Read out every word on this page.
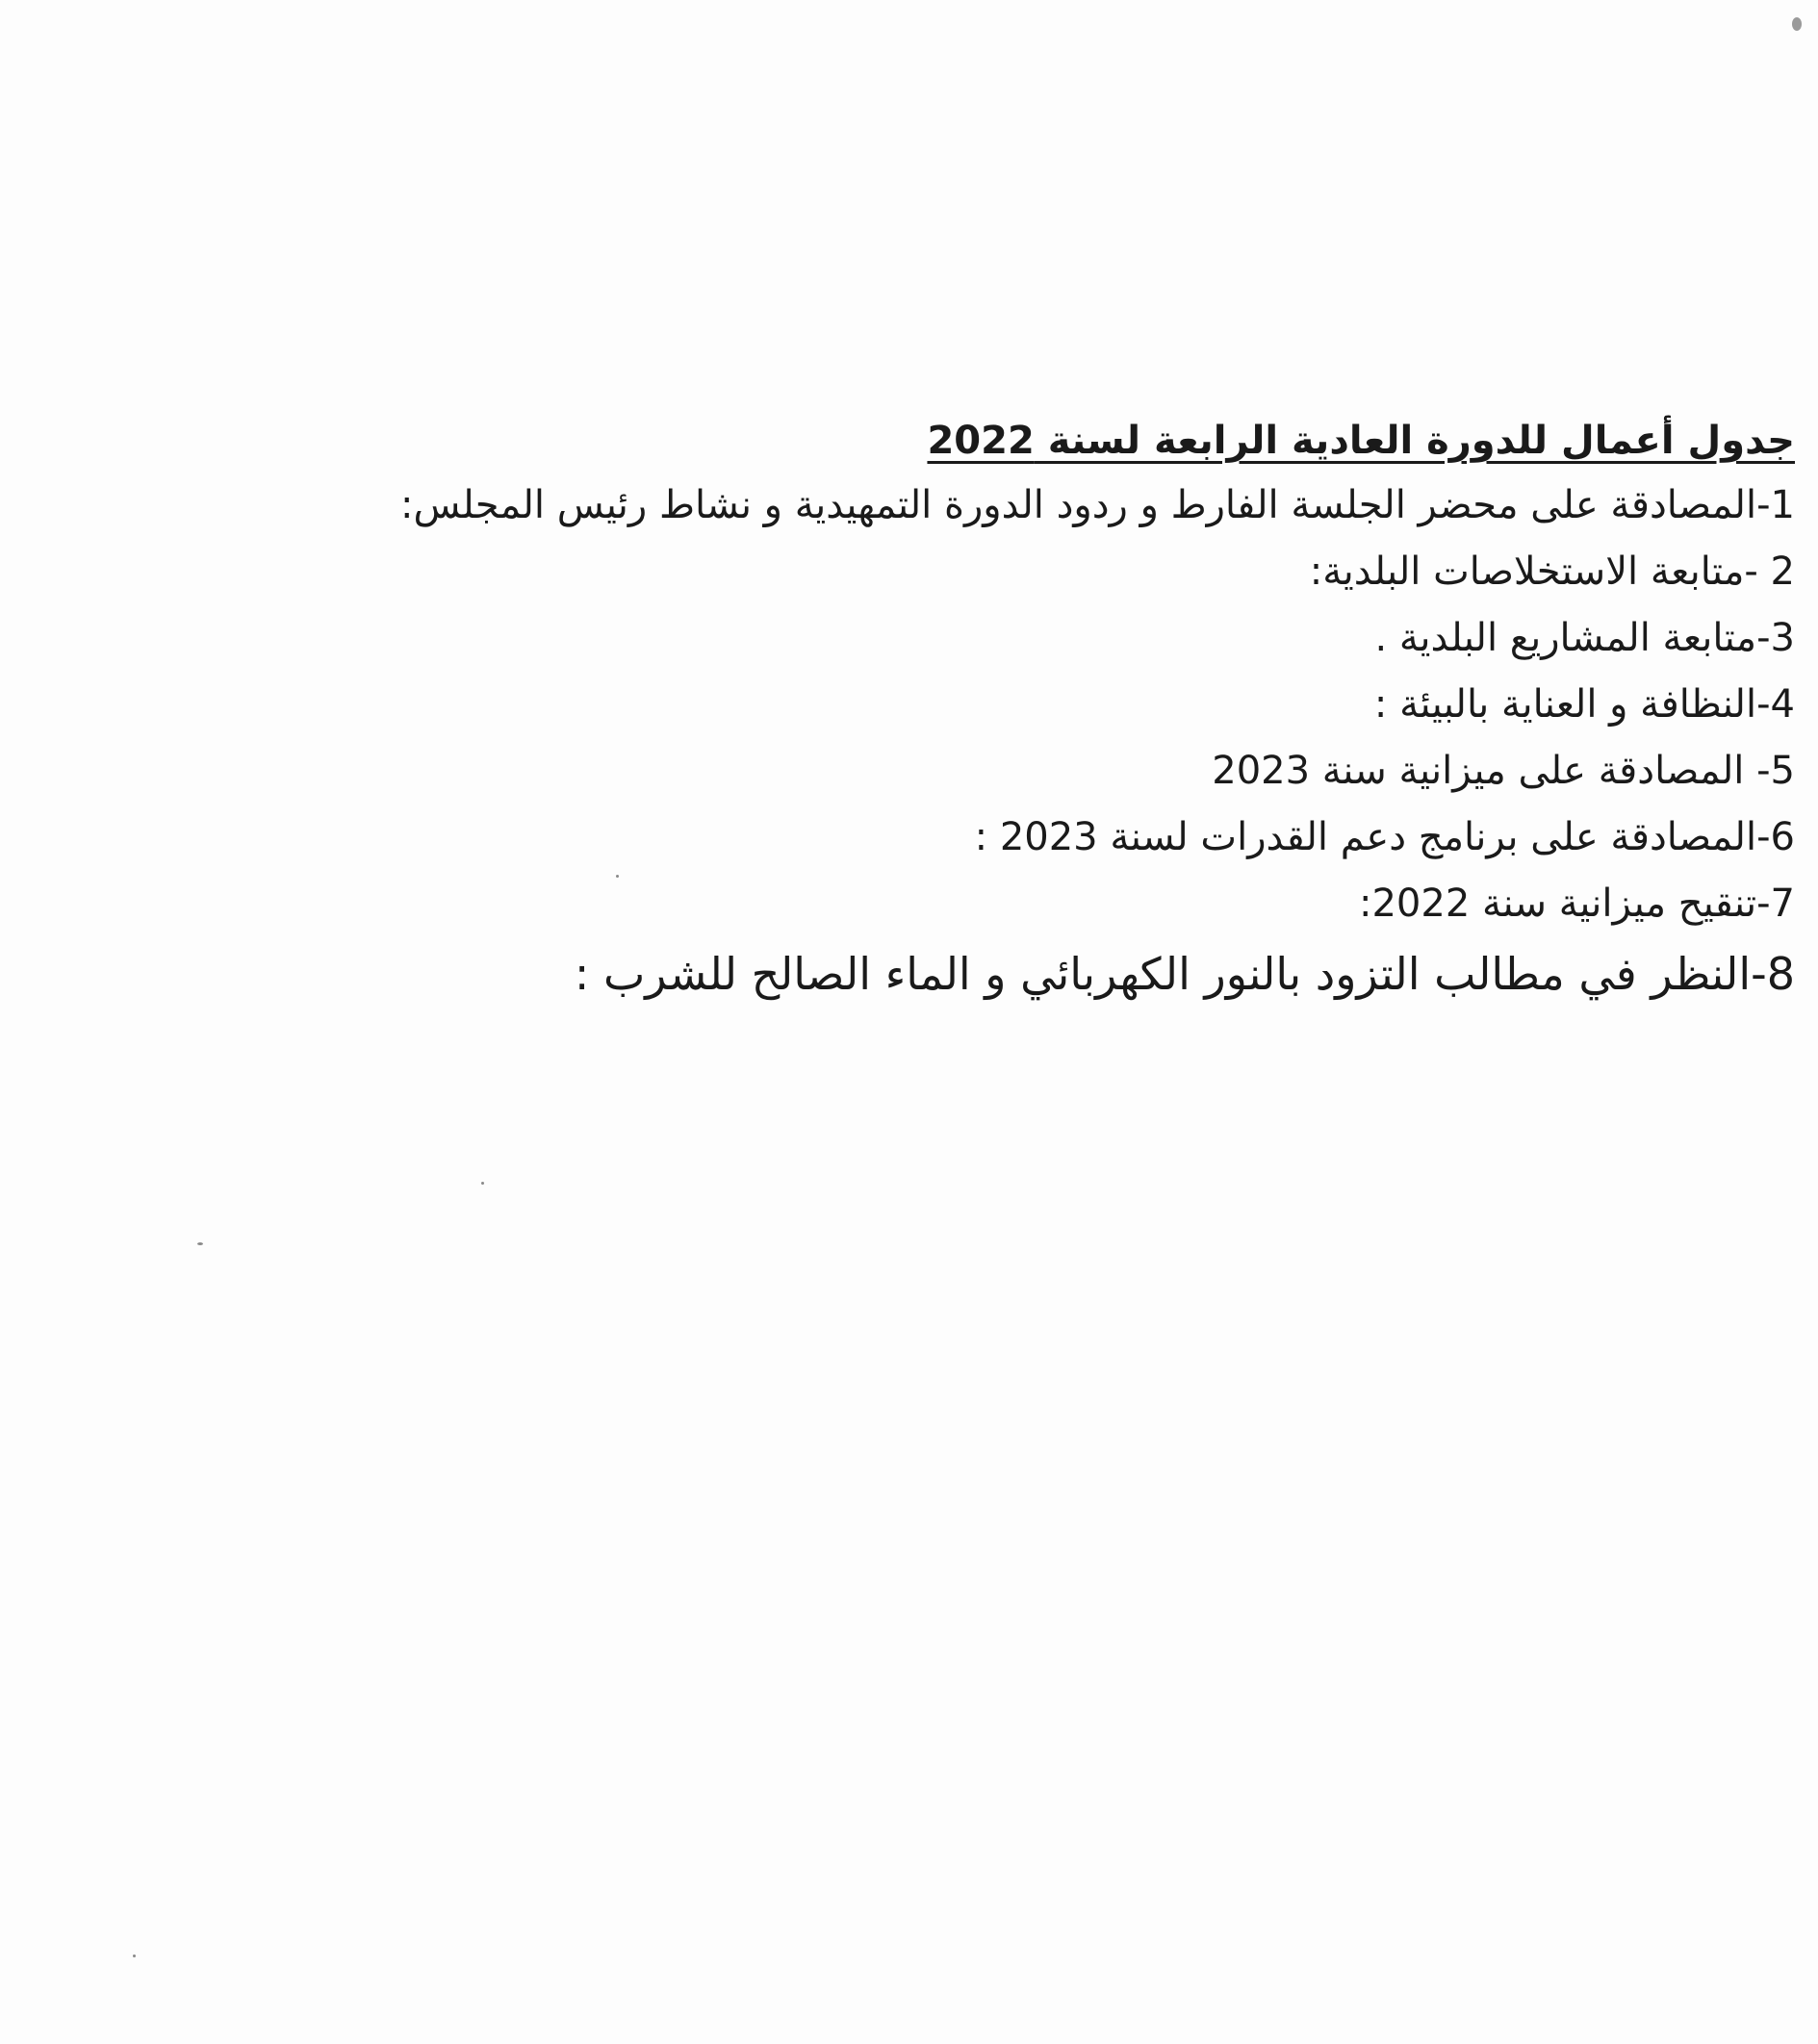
جدول أعمال للدورة العادية الرابعة لسنة 2022
1-المصادقة على محضر الجلسة الفارط و ردود الدورة التمهيدية و نشاط رئيس المجلس:
2 -متابعة الاستخلاصات البلدية:
3-متابعة المشاريع البلدية .
4-النظافة و العناية بالبيئة :
5- المصادقة على ميزانية سنة 2023
6-المصادقة على برنامج دعم القدرات لسنة 2023 :
7-تنقيح ميزانية سنة 2022:
8-النظر في مطالب التزود بالنور الكهربائي و الماء الصالح للشرب :
